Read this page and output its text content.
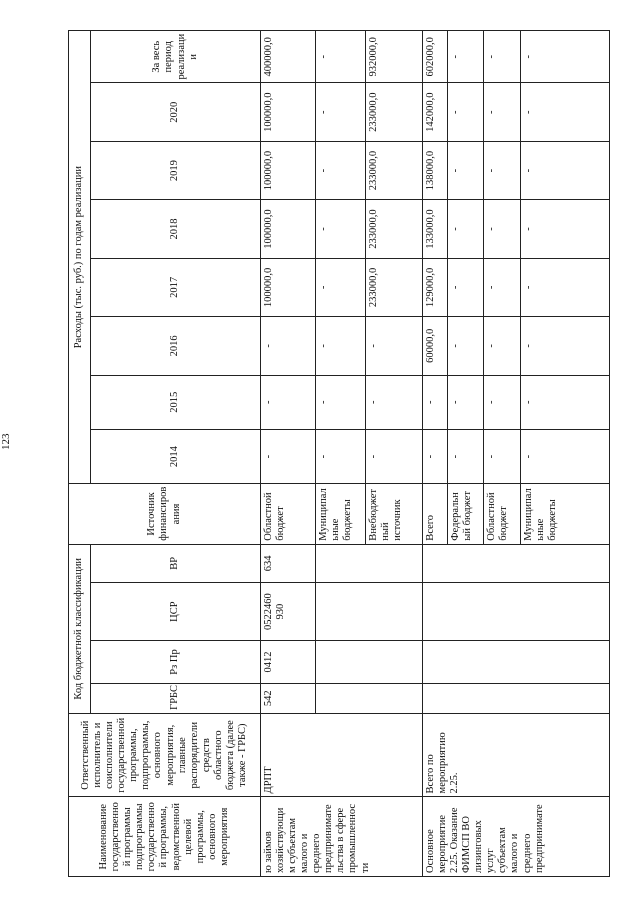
123
Наименование государственно й программы подпрограммы государственно й программы, ведомственной целевой программы, основного мероприятия	Ответственный исполнитель и соисполнители государственной программы, подпрограммы, основного мероприятия, главные распорядители средств областного бюджета (далее также - ГРБС)	Код бюджетной классификации				Источник финансиров ания	Расходы (тыс. руб.) по годам реализации							
		ГРБС	Рз Пр	ЦСР	ВР		2014	2015	2016	2017	2018	2019	2020	За весь период реализаци и
ю займов хозяйствующи м субъектам малого и среднего предпринимате льства в сфере промышленнос ти	ДРПТ	542	0412	0522460 930	634	Областной бюджет	-	-	-	100000,0	100000,0	100000,0	100000,0	400000,0
						Муниципал ьные бюджеты	-	-	-	-	-	-	-	-
						Внебюджет ный источник	-	-	-	233000,0	233000,0	233000,0	233000,0	932000,0
Основное мероприятие 2.25. Оказание ФИМСП ВО лизинговых услуг субъектам малого и среднего предпринимате	Всего по мероприятию 2.25.					Всего	-	-	60000,0	129000,0	133000,0	138000,0	142000,0	602000,0
						Федеральн ый бюджет	-	-	-	-	-	-	-	-
						Областной бюджет	-	-	-	-	-	-	-	-
						Муниципал ьные бюджеты	-	-	-	-	-	-	-	-
